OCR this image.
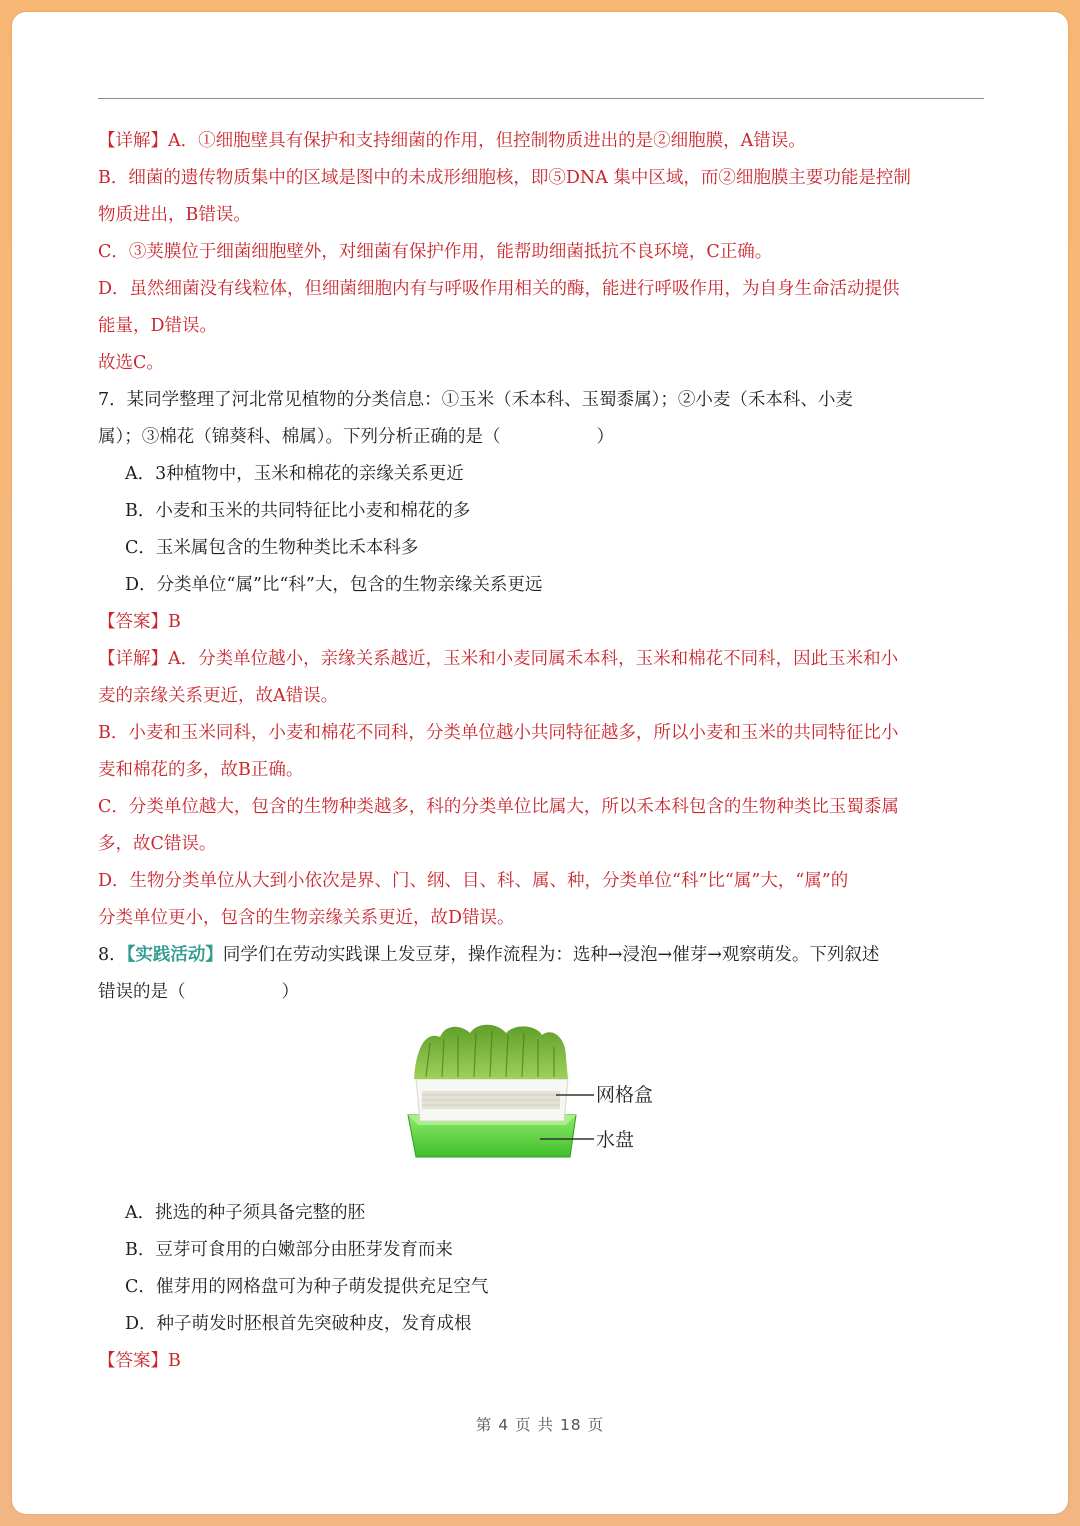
【详解】A．①细胞壁具有保护和支持细菌的作用，但控制物质进出的是②细胞膜，A错误。
B．细菌的遗传物质集中的区域是图中的未成形细胞核，即⑤DNA 集中区域，而②细胞膜主要功能是控制
物质进出，B错误。
C．③荚膜位于细菌细胞壁外，对细菌有保护作用，能帮助细菌抵抗不良环境，C正确。
D．虽然细菌没有线粒体，但细菌细胞内有与呼吸作用相关的酶，能进行呼吸作用，为自身生命活动提供
能量，D错误。
故选C。
7．某同学整理了河北常见植物的分类信息：①玉米（禾本科、玉蜀黍属）；②小麦（禾本科、小麦
属）；③棉花（锦葵科、棉属）。下列分析正确的是（	）
A．3种植物中，玉米和棉花的亲缘关系更近
B．小麦和玉米的共同特征比小麦和棉花的多
C．玉米属包含的生物种类比禾本科多
D．分类单位“属”比“科”大，包含的生物亲缘关系更远
【答案】B
【详解】A．分类单位越小，亲缘关系越近，玉米和小麦同属禾本科，玉米和棉花不同科，因此玉米和小
麦的亲缘关系更近，故A错误。
B．小麦和玉米同科，小麦和棉花不同科，分类单位越小共同特征越多，所以小麦和玉米的共同特征比小
麦和棉花的多，故B正确。
C．分类单位越大，包含的生物种类越多，科的分类单位比属大，所以禾本科包含的生物种类比玉蜀黍属
多，故C错误。
D．生物分类单位从大到小依次是界、门、纲、目、科、属、种，分类单位“科”比“属”大，“属”的
分类单位更小，包含的生物亲缘关系更近，故D错误。
8．【实践活动】同学们在劳动实践课上发豆芽，操作流程为：选种→浸泡→催芽→观察萌发。下列叙述
错误的是（	）
网格盒
水盘
A．挑选的种子须具备完整的胚
B．豆芽可食用的白嫩部分由胚芽发育而来
C．催芽用的网格盘可为种子萌发提供充足空气
D．种子萌发时胚根首先突破种皮，发育成根
【答案】B
第 4 页 共 18 页
